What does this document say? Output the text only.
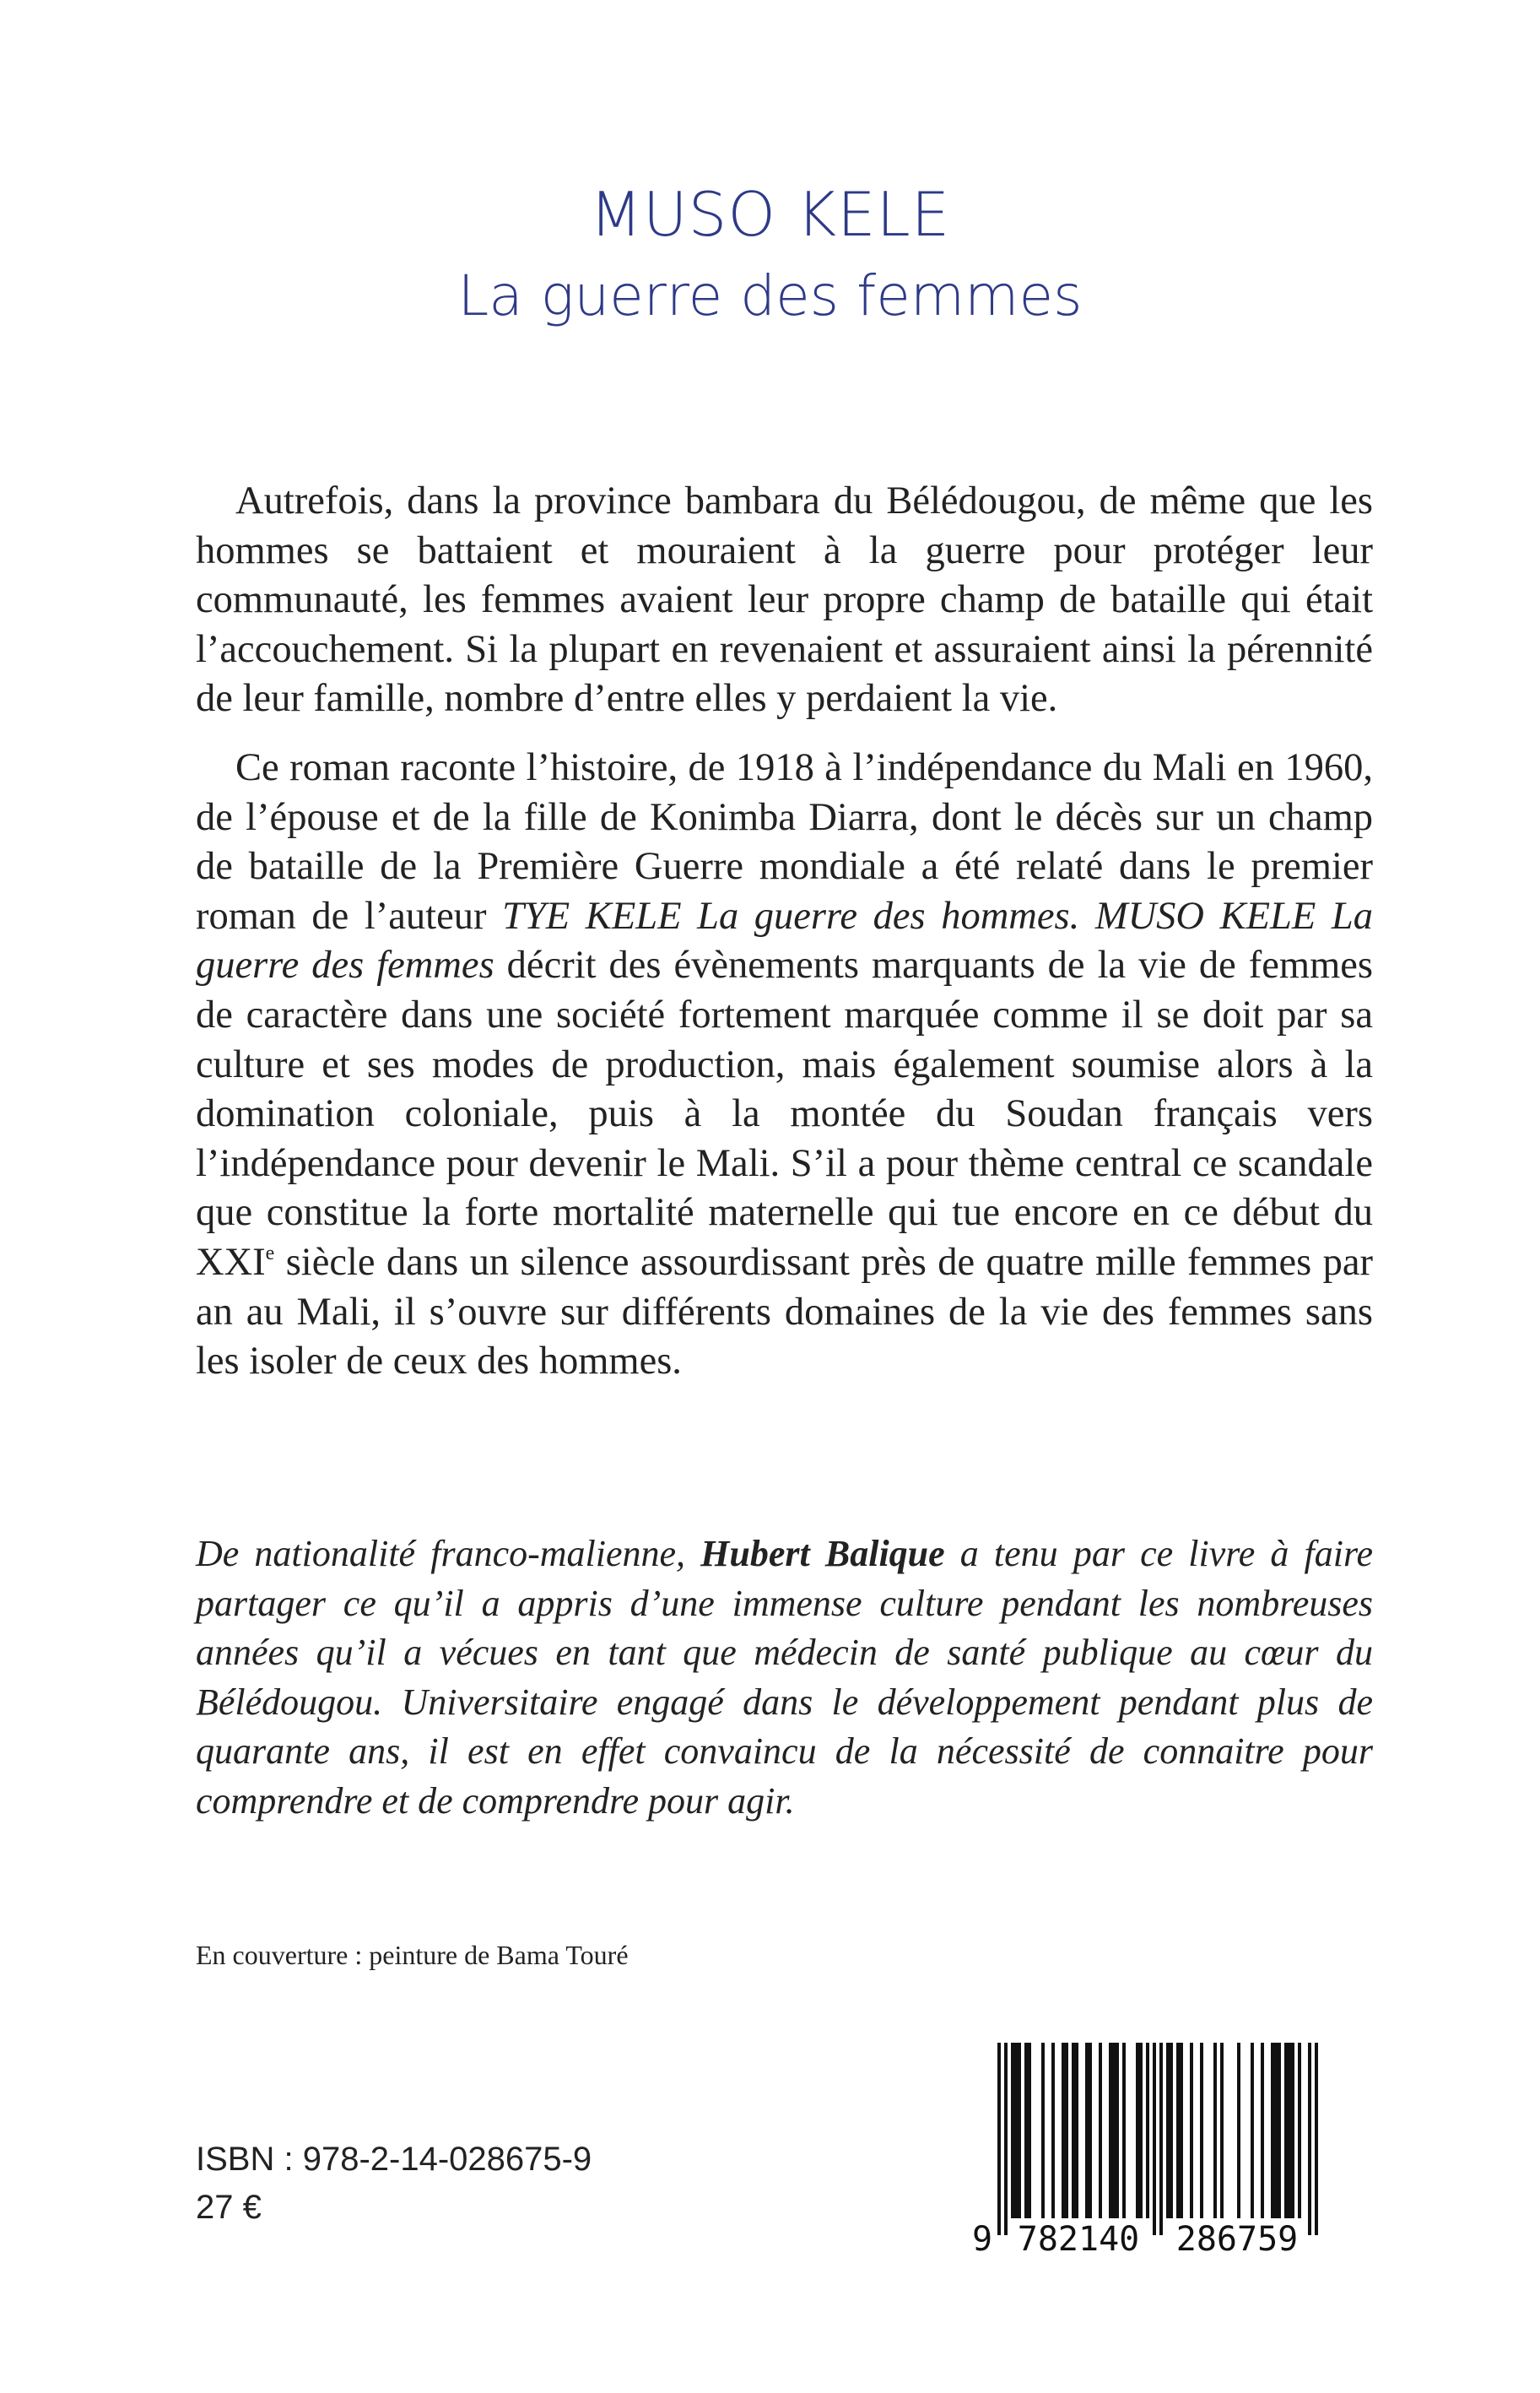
MUSO KELE
La guerre des femmes

Autrefois, dans la province bambara du Bélédougou, de même que les hommes se battaient et mouraient à la guerre pour protéger leur communauté, les femmes avaient leur propre champ de bataille qui était l’accouchement. Si la plupart en revenaient et assuraient ainsi la pérennité de leur famille, nombre d’entre elles y perdaient la vie.

Ce roman raconte l’histoire, de 1918 à l’indépendance du Mali en 1960, de l’épouse et de la fille de Konimba Diarra, dont le décès sur un champ de bataille de la Première Guerre mondiale a été relaté dans le premier roman de l’auteur TYE KELE La guerre des hommes. MUSO KELE La guerre des femmes décrit des évènements marquants de la vie de femmes de caractère dans une société fortement marquée comme il se doit par sa culture et ses modes de production, mais également soumise alors à la domination coloniale, puis à la montée du Soudan français vers l’indépendance pour devenir le Mali. S’il a pour thème central ce scandale que constitue la forte mortalité maternelle qui tue encore en ce début du XXIe siècle dans un silence assourdissant près de quatre mille femmes par an au Mali, il s’ouvre sur différents domaines de la vie des femmes sans les isoler de ceux des hommes.

De nationalité franco-malienne, Hubert Balique a tenu par ce livre à faire partager ce qu’il a appris d’une immense culture pendant les nombreuses années qu’il a vécues en tant que médecin de santé publique au cœur du Bélédougou. Universitaire engagé dans le développement pendant plus de quarante ans, il est en effet convaincu de la nécessité de connaitre pour comprendre et de comprendre pour agir.

En couverture : peinture de Bama Touré

ISBN : 978-2-14-028675-9

27 €

9 782140 286759
